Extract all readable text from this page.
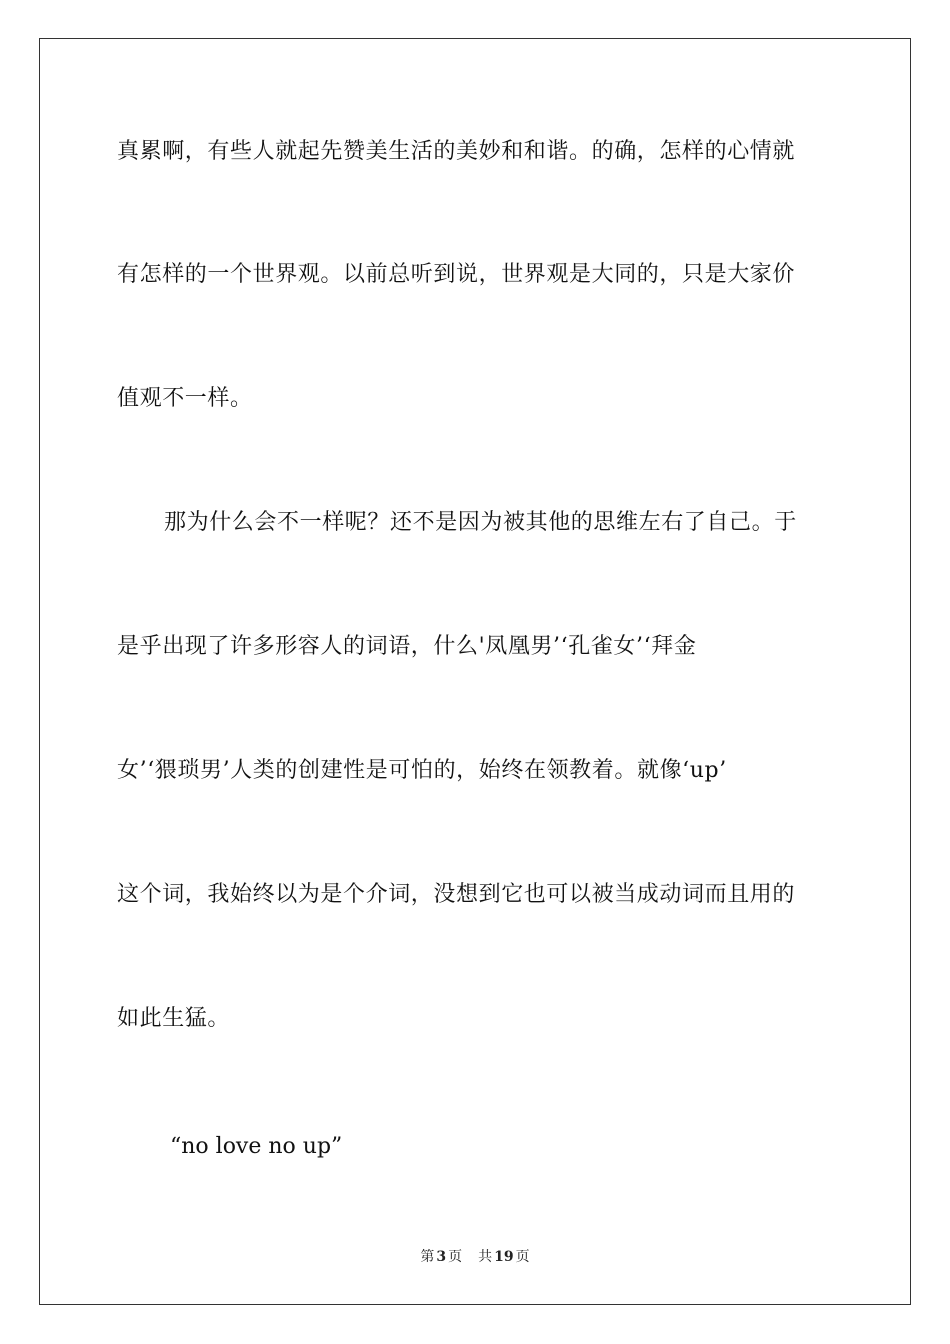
真累啊，有些人就起先赞美生活的美妙和和谐。的确，怎样的心情就
有怎样的一个世界观。以前总听到说，世界观是大同的，只是大家价
值观不一样。
那为什么会不一样呢？还不是因为被其他的思维左右了自己。于
是乎出现了许多形容人的词语，什么'凤凰男’‘孔雀女’‘拜金
女’‘猥琐男’人类的创建性是可怕的，始终在领教着。就像‘up’
这个词，我始终以为是个介词，没想到它也可以被当成动词而且用的
如此生猛。
“no love no up”
第 3 页 共 19 页
